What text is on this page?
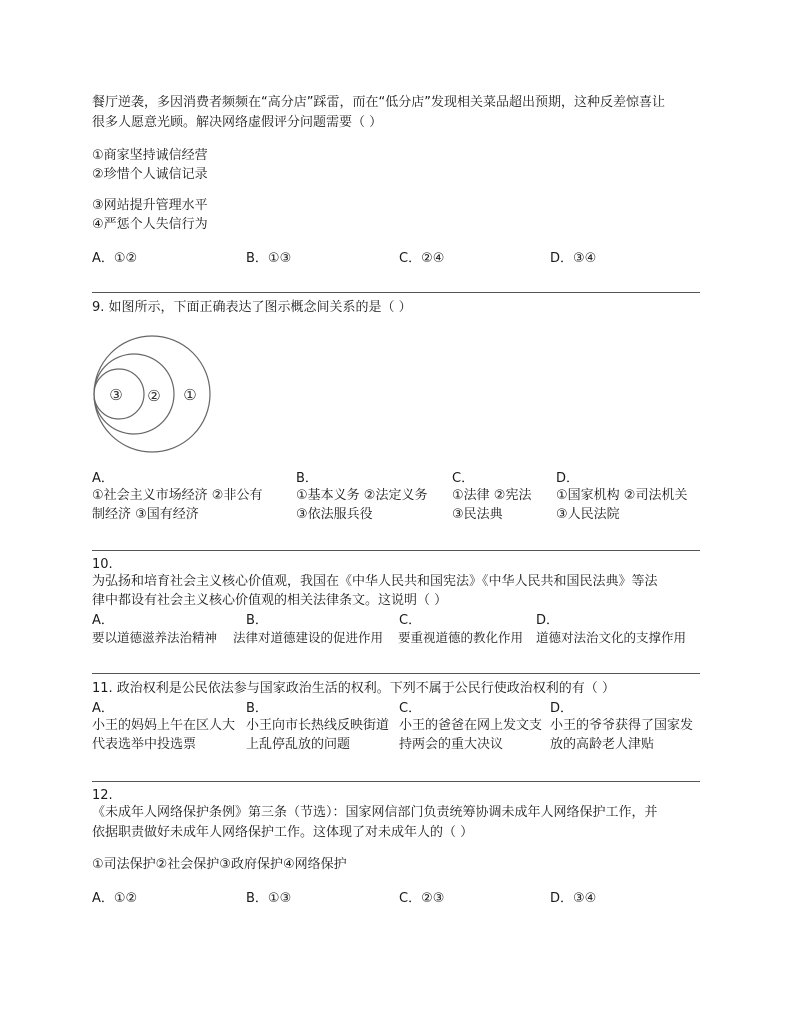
餐厅逆袭，多因消费者频频在“高分店”踩雷，而在“低分店”发现相关菜品超出预期，这种反差惊喜让
很多人愿意光顾。解决网络虚假评分问题需要（ ）
①商家坚持诚信经营
②珍惜个人诚信记录
③网站提升管理水平
④严惩个人失信行为
A．①②	B．①③	C．②④	D．③④
9. 如图所示，下面正确表达了图示概念间关系的是（ ）
③ ② ①
A．
①社会主义市场经济 ②非公有
制经济 ③国有经济
B．
①基本义务 ②法定义务
③依法服兵役
C．
①法律 ②宪法
③民法典
D．
①国家机构 ②司法机关
③人民法院
10.
为弘扬和培育社会主义核心价值观，我国在《中华人民共和国宪法》《中华人民共和国民法典》等法
律中都设有社会主义核心价值观的相关法律条文。这说明（ ）
A．	B．	C．	D．
要以道德滋养法治精神 法律对道德建设的促进作用 要重视道德的教化作用 道德对法治文化的支撑作用
11. 政治权利是公民依法参与国家政治生活的权利。下列不属于公民行使政治权利的有（ ）
A．
小王的妈妈上午在区人大
代表选举中投选票
B．
小王向市长热线反映街道
上乱停乱放的问题
C．
小王的爸爸在网上发文支
持两会的重大决议
D．
小王的爷爷获得了国家发
放的高龄老人津贴
12.
《未成年人网络保护条例》第三条（节选）：国家网信部门负责统筹协调未成年人网络保护工作，并
依据职责做好未成年人网络保护工作。这体现了对未成年人的（ ）
①司法保护②社会保护③政府保护④网络保护
A．①②	B．①③	C．②③	D．③④
